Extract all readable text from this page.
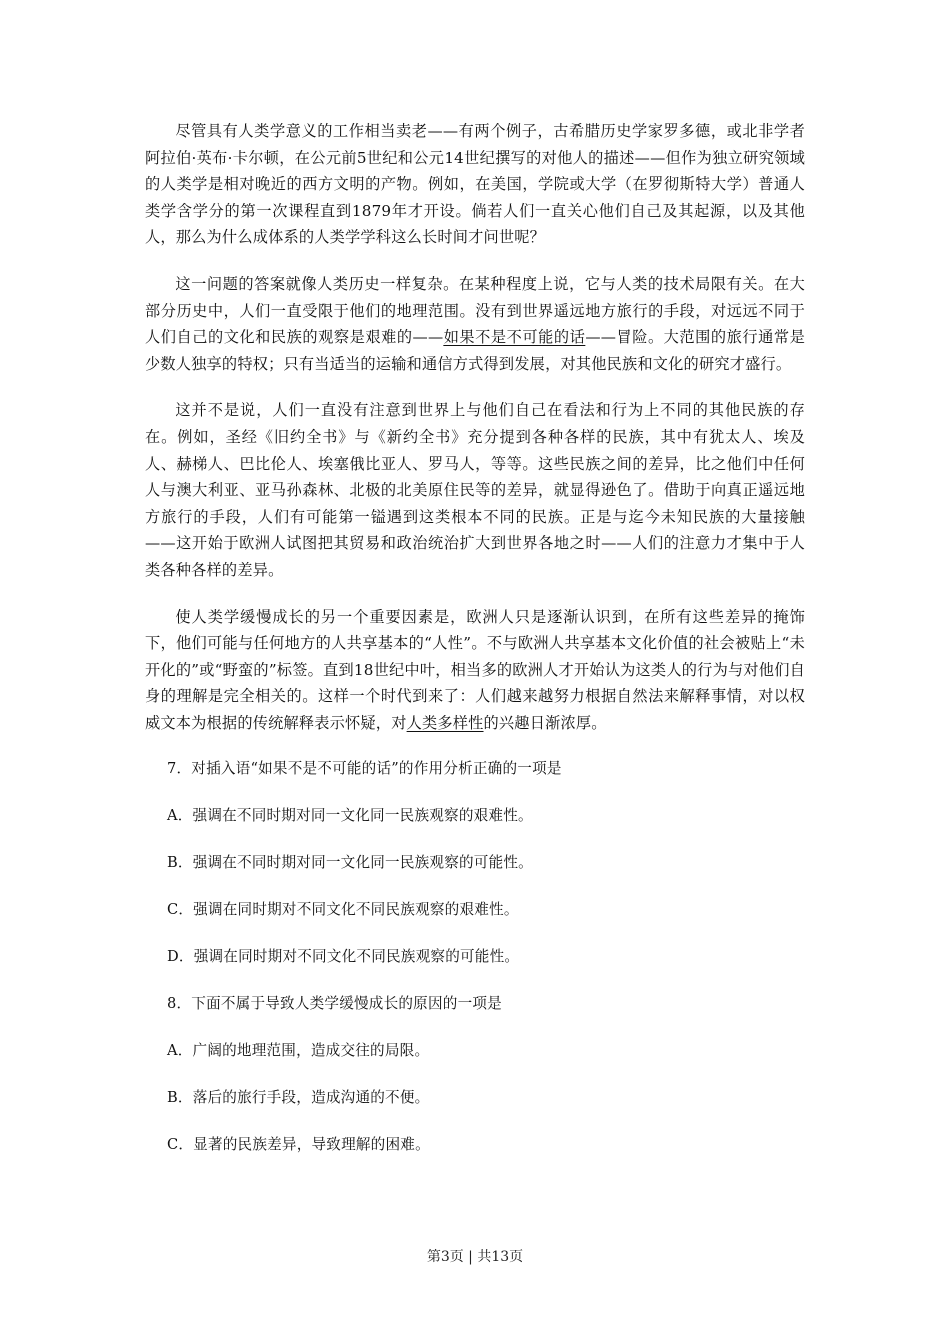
尽管具有人类学意义的工作相当卖老——有两个例子，古希腊历史学家罗多德，或北非学者阿拉伯·英布·卡尔顿，在公元前5世纪和公元14世纪撰写的对他人的描述——但作为独立研究领域的人类学是相对晚近的西方文明的产物。例如，在美国，学院或大学（在罗彻斯特大学）普通人类学含学分的第一次课程直到1879年才开设。倘若人们一直关心他们自己及其起源，以及其他人，那么为什么成体系的人类学学科这么长时间才问世呢？

这一问题的答案就像人类历史一样复杂。在某种程度上说，它与人类的技术局限有关。在大部分历史中，人们一直受限于他们的地理范围。没有到世界遥远地方旅行的手段，对远远不同于人们自己的文化和民族的观察是艰难的——如果不是不可能的话——冒险。大范围的旅行通常是少数人独享的特权；只有当适当的运输和通信方式得到发展，对其他民族和文化的研究才盛行。

这并不是说，人们一直没有注意到世界上与他们自己在看法和行为上不同的其他民族的存在。例如，圣经《旧约全书》与《新约全书》充分提到各种各样的民族，其中有犹太人、埃及人、赫梯人、巴比伦人、埃塞俄比亚人、罗马人，等等。这些民族之间的差异，比之他们中任何人与澳大利亚、亚马孙森林、北极的北美原住民等的差异，就显得逊色了。借助于向真正遥远地方旅行的手段，人们有可能第一镒遇到这类根本不同的民族。正是与迄今未知民族的大量接触——这开始于欧洲人试图把其贸易和政治统治扩大到世界各地之时——人们的注意力才集中于人类各种各样的差异。

使人类学缓慢成长的另一个重要因素是，欧洲人只是逐渐认识到，在所有这些差异的掩饰下，他们可能与任何地方的人共享基本的“人性”。不与欧洲人共享基本文化价值的社会被贴上“未开化的”或“野蛮的”标签。直到18世纪中叶，相当多的欧洲人才开始认为这类人的行为与对他们自身的理解是完全相关的。这样一个时代到来了：人们越来越努力根据自然法来解释事情，对以权威文本为根据的传统解释表示怀疑，对人类多样性的兴趣日渐浓厚。

7．对插入语“如果不是不可能的话”的作用分析正确的一项是

A．强调在不同时期对同一文化同一民族观察的艰难性。

B．强调在不同时期对同一文化同一民族观察的可能性。

C．强调在同时期对不同文化不同民族观察的艰难性。

D．强调在同时期对不同文化不同民族观察的可能性。

8．下面不属于导致人类学缓慢成长的原因的一项是

A．广阔的地理范围，造成交往的局限。

B．落后的旅行手段，造成沟通的不便。

C．显著的民族差异，导致理解的困难。

第3页 | 共13页
